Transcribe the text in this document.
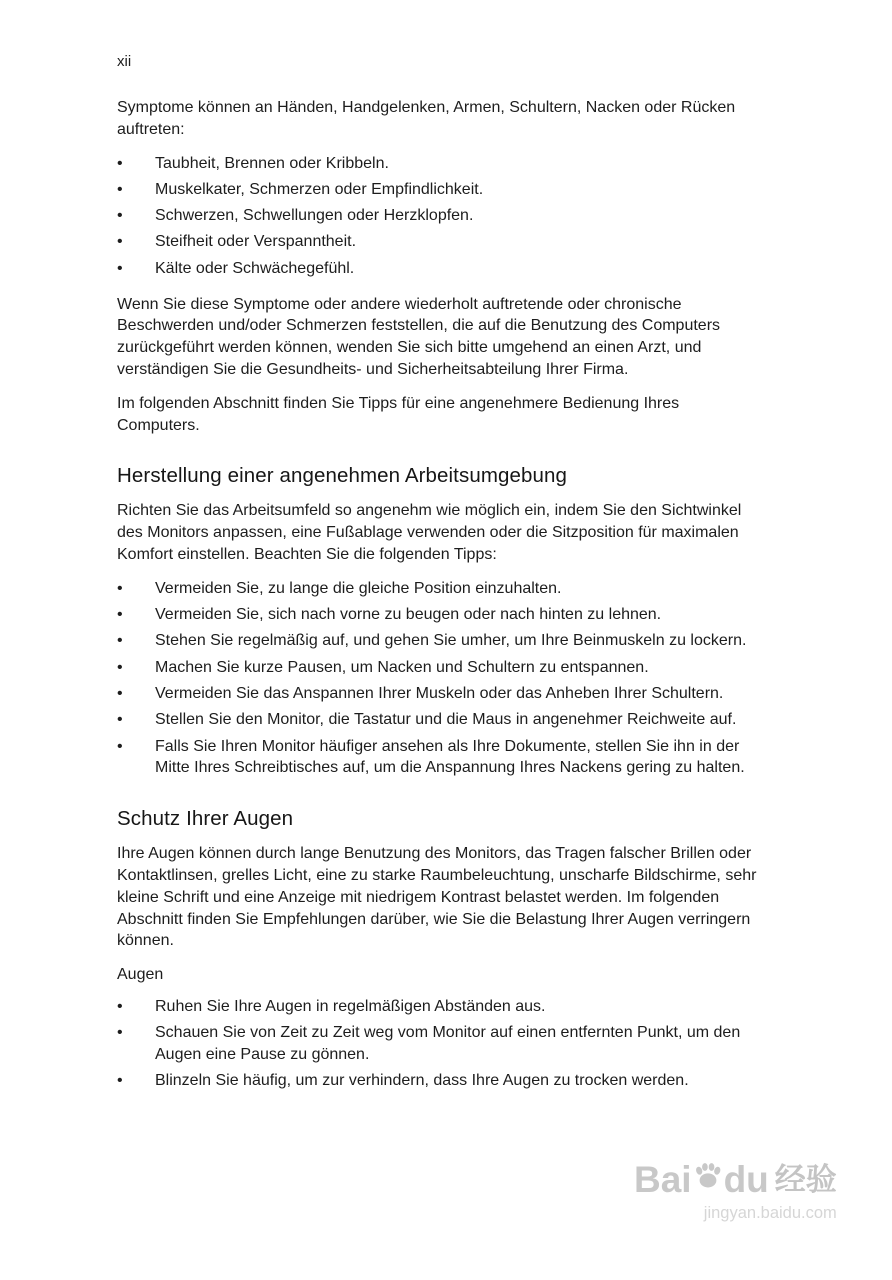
xii

Symptome können an Händen, Handgelenken, Armen, Schultern, Nacken oder Rücken auftreten:

•
Taubheit, Brennen oder Kribbeln.
•
Muskelkater, Schmerzen oder Empfindlichkeit.
•
Schwerzen, Schwellungen oder Herzklopfen.
•
Steifheit oder Verspanntheit.
•
Kälte oder Schwächegefühl.

Wenn Sie diese Symptome oder andere wiederholt auftretende oder chronische Beschwerden und/oder Schmerzen feststellen, die auf die Benutzung des Computers zurückgeführt werden können, wenden Sie sich bitte umgehend an einen Arzt, und verständigen Sie die Gesundheits- und Sicherheitsabteilung Ihrer Firma.

Im folgenden Abschnitt finden Sie Tipps für eine angenehmere Bedienung Ihres Computers.

Herstellung einer angenehmen Arbeitsumgebung

Richten Sie das Arbeitsumfeld so angenehm wie möglich ein, indem Sie den Sichtwinkel des Monitors anpassen, eine Fußablage verwenden oder die Sitzposition für maximalen Komfort einstellen. Beachten Sie die folgenden Tipps:

•
Vermeiden Sie, zu lange die gleiche Position einzuhalten.
•
Vermeiden Sie, sich nach vorne zu beugen oder nach hinten zu lehnen.
•
Stehen Sie regelmäßig auf, und gehen Sie umher, um Ihre Beinmuskeln zu lockern.
•
Machen Sie kurze Pausen, um Nacken und Schultern zu entspannen.
•
Vermeiden Sie das Anspannen Ihrer Muskeln oder das Anheben Ihrer Schultern.
•
Stellen Sie den Monitor, die Tastatur und die Maus in angenehmer Reichweite auf.
•
Falls Sie Ihren Monitor häufiger ansehen als Ihre Dokumente, stellen Sie ihn in der Mitte Ihres Schreibtisches auf, um die Anspannung Ihres Nackens gering zu halten.
Schutz Ihrer Augen

Ihre Augen können durch lange Benutzung des Monitors, das Tragen falscher Brillen oder Kontaktlinsen, grelles Licht, eine zu starke Raumbeleuchtung, unscharfe Bildschirme, sehr kleine Schrift und eine Anzeige mit niedrigem Kontrast belastet werden. Im folgenden Abschnitt finden Sie Empfehlungen darüber, wie Sie die Belastung Ihrer Augen verringern können.

Augen
•
Ruhen Sie Ihre Augen in regelmäßigen Abständen aus.
•
Schauen Sie von Zeit zu Zeit weg vom Monitor auf einen entfernten Punkt, um den Augen eine Pause zu gönnen.
•
Blinzeln Sie häufig, um zur verhindern, dass Ihre Augen zu trocken werden.
Bai du 经验
jingyan.baidu.com
